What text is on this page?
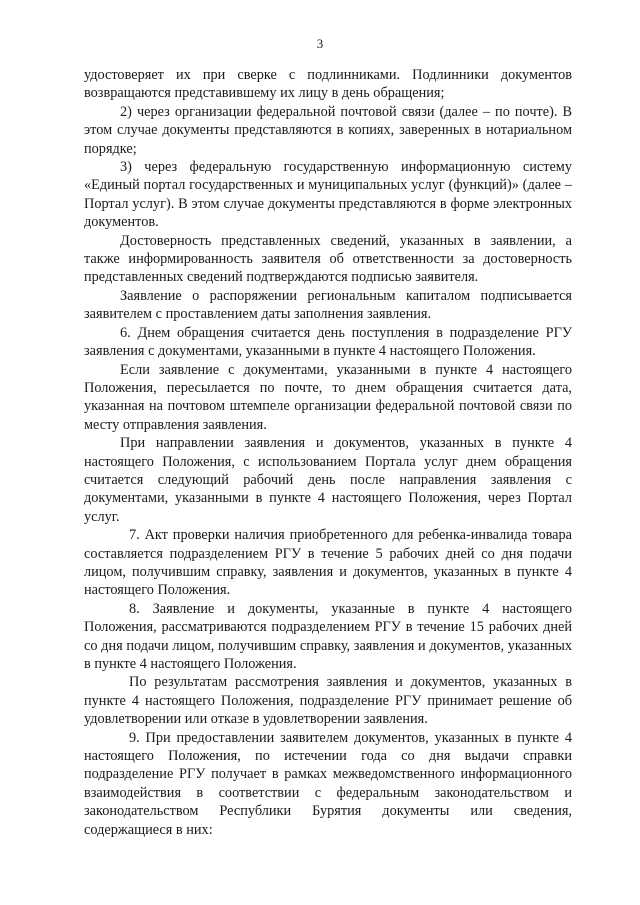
3

удостоверяет их при сверке с подлинниками. Подлинники документов возвращаются представившему их лицу в день обращения;

2) через организации федеральной почтовой связи (далее – по почте). В этом случае документы представляются в копиях, заверенных в нотариальном порядке;

3) через федеральную государственную информационную систему «Единый портал государственных и муниципальных услуг (функций)» (далее – Портал услуг). В этом случае документы представляются в форме электронных документов.

Достоверность представленных сведений, указанных в заявлении, а также информированность заявителя об ответственности за достоверность представленных сведений подтверждаются подписью заявителя.

Заявление о распоряжении региональным капиталом подписывается заявителем с проставлением даты заполнения заявления.

6. Днем обращения считается день поступления в подразделение РГУ заявления с документами, указанными в пункте 4 настоящего Положения.

Если заявление с документами, указанными в пункте 4 настоящего Положения, пересылается по почте, то днем обращения считается дата, указанная на почтовом штемпеле организации федеральной почтовой связи по месту отправления заявления.

При направлении заявления и документов, указанных в пункте 4 настоящего Положения, с использованием Портала услуг днем обращения считается следующий рабочий день после направления заявления с документами, указанными в пункте 4 настоящего Положения, через Портал услуг.

7. Акт проверки наличия приобретенного для ребенка-инвалида товара составляется подразделением РГУ в течение 5 рабочих дней со дня подачи лицом, получившим справку, заявления и документов, указанных в пункте 4 настоящего Положения.

8. Заявление и документы, указанные в пункте 4 настоящего Положения, рассматриваются подразделением РГУ в течение 15 рабочих дней со дня подачи лицом, получившим справку, заявления и документов, указанных в пункте 4 настоящего Положения.

По результатам рассмотрения заявления и документов, указанных в пункте 4 настоящего Положения, подразделение РГУ принимает решение об удовлетворении или отказе в удовлетворении заявления.

9. При предоставлении заявителем документов, указанных в пункте 4 настоящего Положения, по истечении года со дня выдачи справки подразделение РГУ получает в рамках межведомственного информационного взаимодействия в соответствии с федеральным законодательством и законодательством Республики Бурятия документы или сведения, содержащиеся в них:
